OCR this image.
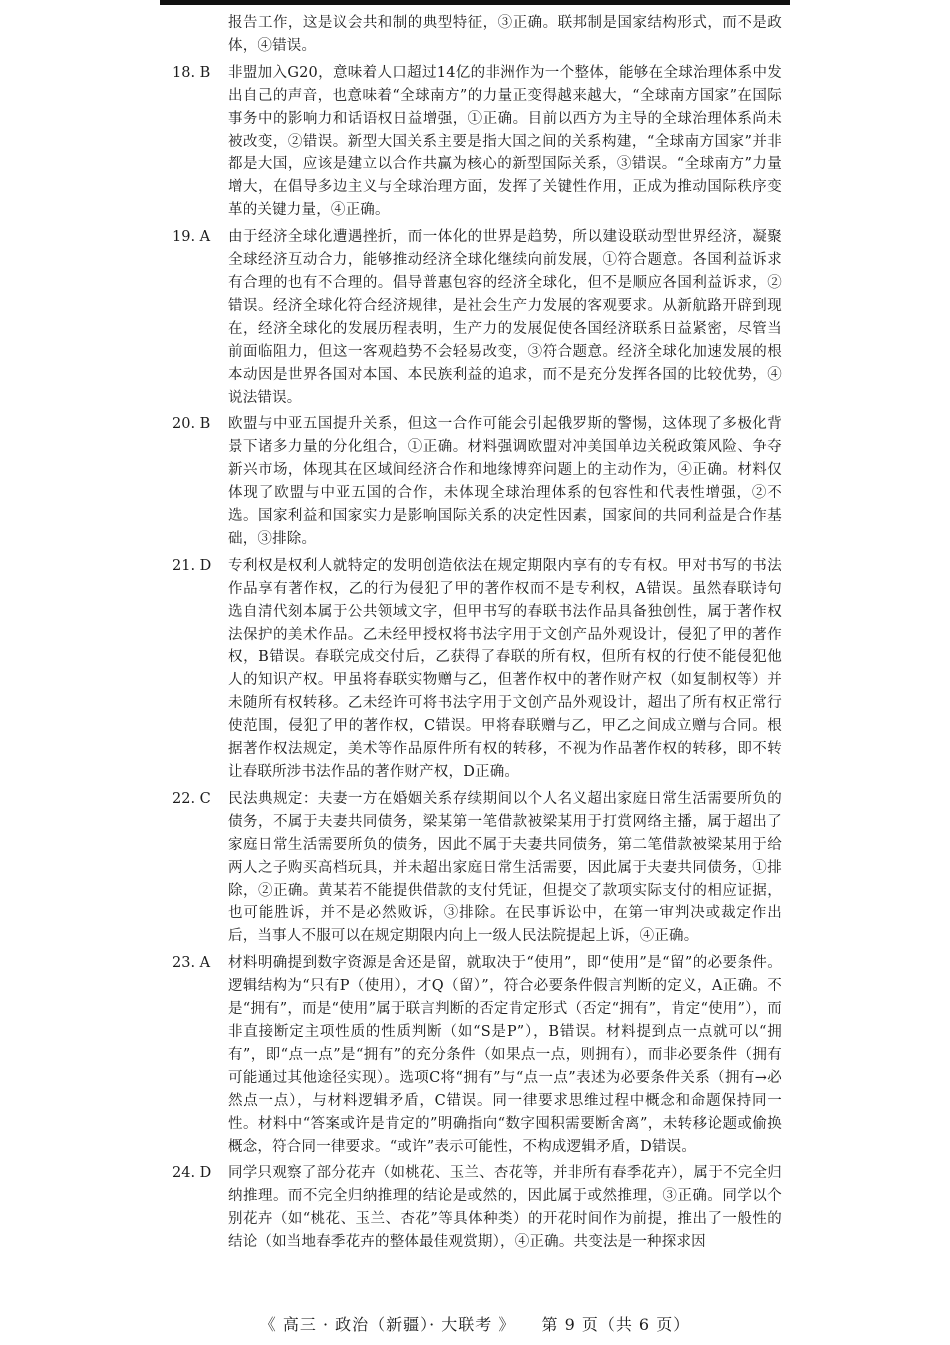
报告工作，这是议会共和制的典型特征，③正确。联邦制是国家结构形式，而不是政体，④错误。
18. B	非盟加入G20，意味着人口超过14亿的非洲作为一个整体，能够在全球治理体系中发出自己的声音，也意味着“全球南方”的力量正变得越来越大，“全球南方国家”在国际事务中的影响力和话语权日益增强，①正确。目前以西方为主导的全球治理体系尚未被改变，②错误。新型大国关系主要是指大国之间的关系构建，“全球南方国家”并非都是大国，应该是建立以合作共赢为核心的新型国际关系，③错误。“全球南方”力量增大，在倡导多边主义与全球治理方面，发挥了关键性作用，正成为推动国际秩序变革的关键力量，④正确。
19. A	由于经济全球化遭遇挫折，而一体化的世界是趋势，所以建设联动型世界经济，凝聚全球经济互动合力，能够推动经济全球化继续向前发展，①符合题意。各国利益诉求有合理的也有不合理的。倡导普惠包容的经济全球化，但不是顺应各国利益诉求，②错误。经济全球化符合经济规律，是社会生产力发展的客观要求。从新航路开辟到现在，经济全球化的发展历程表明，生产力的发展促使各国经济联系日益紧密，尽管当前面临阻力，但这一客观趋势不会轻易改变，③符合题意。经济全球化加速发展的根本动因是世界各国对本国、本民族利益的追求，而不是充分发挥各国的比较优势，④说法错误。
20. B	欧盟与中亚五国提升关系，但这一合作可能会引起俄罗斯的警惕，这体现了多极化背景下诸多力量的分化组合，①正确。材料强调欧盟对冲美国单边关税政策风险、争夺新兴市场，体现其在区域间经济合作和地缘博弈问题上的主动作为，④正确。材料仅体现了欧盟与中亚五国的合作，未体现全球治理体系的包容性和代表性增强，②不选。国家利益和国家实力是影响国际关系的决定性因素，国家间的共同利益是合作基础，③排除。
21. D	专利权是权利人就特定的发明创造依法在规定期限内享有的专有权。甲对书写的书法作品享有著作权，乙的行为侵犯了甲的著作权而不是专利权，A错误。虽然春联诗句选自清代刻本属于公共领域文字，但甲书写的春联书法作品具备独创性，属于著作权法保护的美术作品。乙未经甲授权将书法字用于文创产品外观设计，侵犯了甲的著作权，B错误。春联完成交付后，乙获得了春联的所有权，但所有权的行使不能侵犯他人的知识产权。甲虽将春联实物赠与乙，但著作权中的著作财产权（如复制权等）并未随所有权转移。乙未经许可将书法字用于文创产品外观设计，超出了所有权正常行使范围，侵犯了甲的著作权，C错误。甲将春联赠与乙，甲乙之间成立赠与合同。根据著作权法规定，美术等作品原件所有权的转移，不视为作品著作权的转移，即不转让春联所涉书法作品的著作财产权，D正确。
22. C	民法典规定：夫妻一方在婚姻关系存续期间以个人名义超出家庭日常生活需要所负的债务，不属于夫妻共同债务，梁某第一笔借款被梁某用于打赏网络主播，属于超出了家庭日常生活需要所负的债务，因此不属于夫妻共同债务，第二笔借款被梁某用于给两人之子购买高档玩具，并未超出家庭日常生活需要，因此属于夫妻共同债务，①排除，②正确。黄某若不能提供借款的支付凭证，但提交了款项实际支付的相应证据，也可能胜诉，并不是必然败诉，③排除。在民事诉讼中，在第一审判决或裁定作出后，当事人不服可以在规定期限内向上一级人民法院提起上诉，④正确。
23. A	材料明确提到数字资源是舍还是留，就取决于“使用”，即“使用”是“留”的必要条件。逻辑结构为“只有P（使用），才Q（留）”，符合必要条件假言判断的定义，A正确。不是“拥有”，而是“使用”属于联言判断的否定肯定形式（否定“拥有”，肯定“使用”），而非直接断定主项性质的性质判断（如“S是P”），B错误。材料提到点一点就可以“拥有”，即“点一点”是“拥有”的充分条件（如果点一点，则拥有），而非必要条件（拥有可能通过其他途径实现）。选项C将“拥有”与“点一点”表述为必要条件关系（拥有→必然点一点），与材料逻辑矛盾，C错误。同一律要求思维过程中概念和命题保持同一性。材料中“答案或许是肯定的”明确指向“数字囤积需要断舍离”，未转移论题或偷换概念，符合同一律要求。“或许”表示可能性，不构成逻辑矛盾，D错误。
24. D	同学只观察了部分花卉（如桃花、玉兰、杏花等，并非所有春季花卉），属于不完全归纳推理。而不完全归纳推理的结论是或然的，因此属于或然推理，③正确。同学以个别花卉（如“桃花、玉兰、杏花”等具体种类）的开花时间作为前提，推出了一般性的结论（如当地春季花卉的整体最佳观赏期），④正确。共变法是一种探求因
《 高三 · 政治（新疆）· 大联考 》 第 9 页（共 6 页）
